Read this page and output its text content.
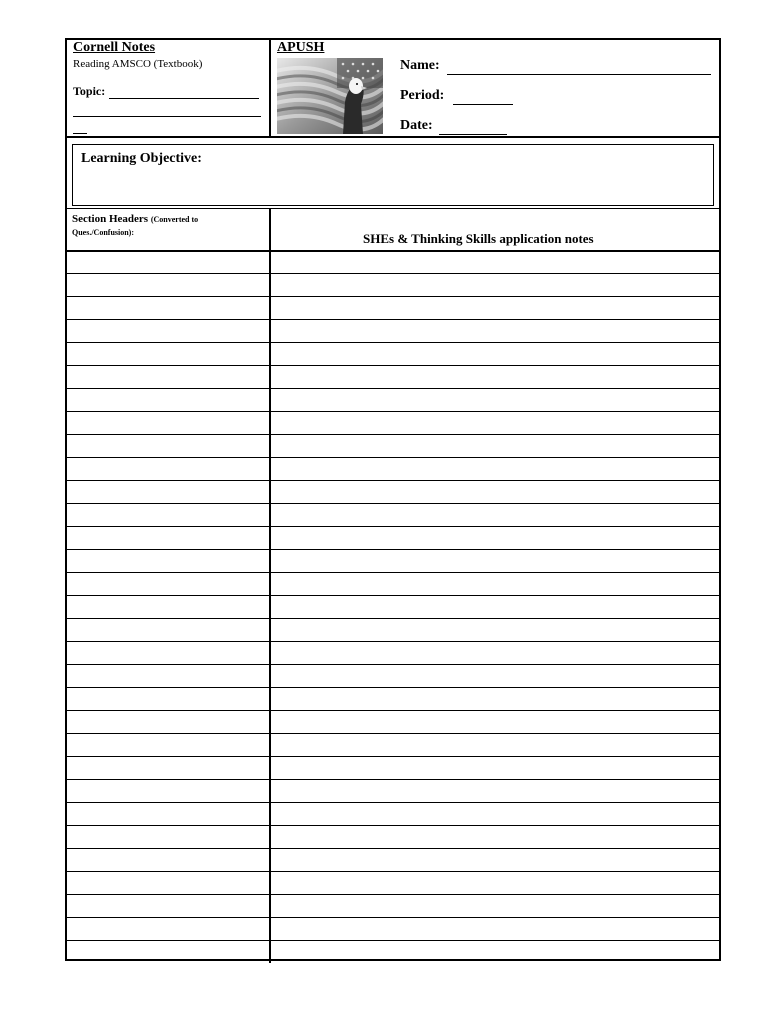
Cornell Notes
Reading AMSCO (Textbook)
Topic:
APUSH
Name:
Period:
Date:
Learning Objective:
Section Headers (Converted to
Ques./Confusion):	SHEs & Thinking Skills application notes
